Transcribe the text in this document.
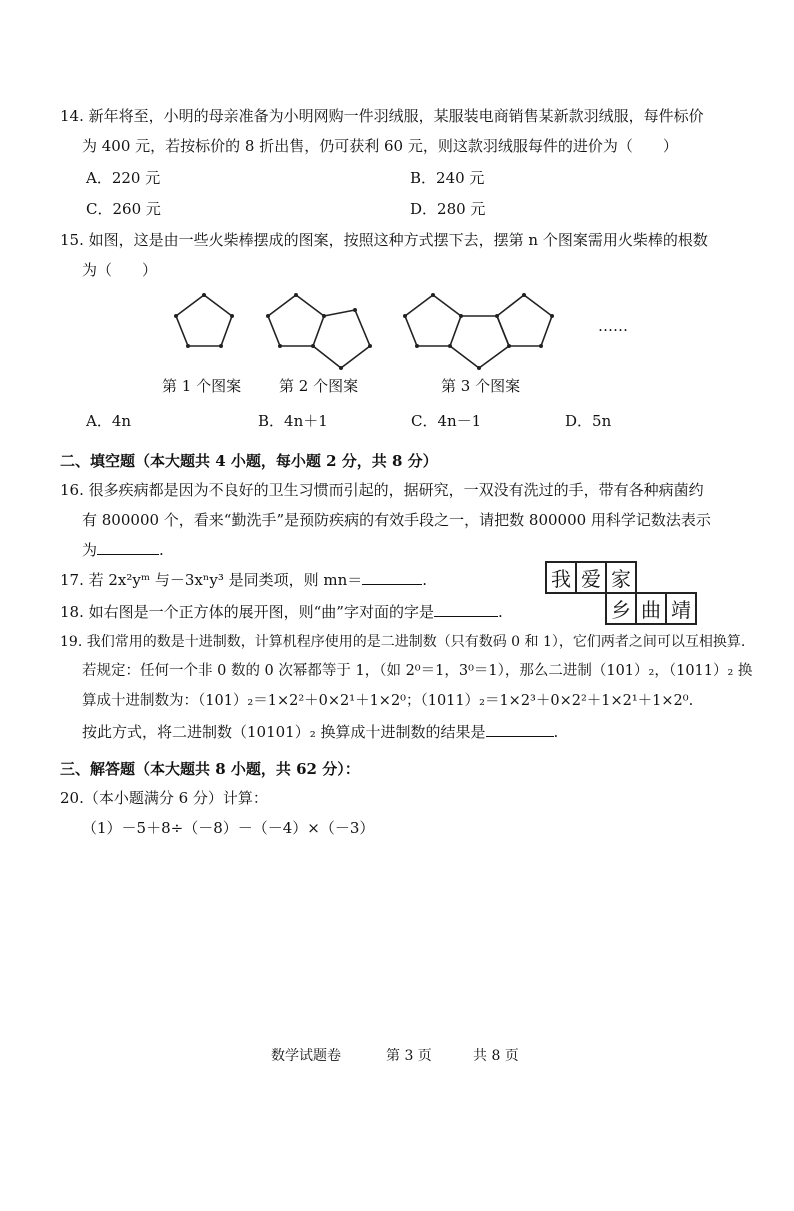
14. 新年将至，小明的母亲准备为小明网购一件羽绒服，某服装电商销售某新款羽绒服，每件标价
为 400 元，若按标价的 8 折出售，仍可获利 60 元，则这款羽绒服每件的进价为（　　）
A．220 元	B．240 元
C．260 元	D．280 元
15. 如图，这是由一些火柴棒摆成的图案，按照这种方式摆下去，摆第 n 个图案需用火柴棒的根数
为（　　）
……
第 1 个图案	第 2 个图案	第 3 个图案
A．4n	B．4n＋1	C．4n－1	D．5n
二、填空题（本大题共 4 小题，每小题 2 分，共 8 分）
16. 很多疾病都是因为不良好的卫生习惯而引起的，据研究，一双没有洗过的手，带有各种病菌约
有 800000 个，看来“勤洗手”是预防疾病的有效手段之一，请把数 800000 用科学记数法表示
为	.
17. 若 2x²yᵐ 与－3xⁿy³ 是同类项，则 mn＝	.	我	爱	家		
		乡	曲	靖
18. 如右图是一个正方体的展开图，则“曲”字对面的字是	.
19. 我们常用的数是十进制数，计算机程序使用的是二进制数（只有数码 0 和 1），它们两者之间可以互相换算.
若规定：任何一个非 0 数的 0 次幂都等于 1，（如 2⁰＝1，3⁰＝1），那么二进制（101）₂，（1011）₂ 换
算成十进制数为：（101）₂＝1×2²＋0×2¹＋1×2⁰；（1011）₂＝1×2³＋0×2²＋1×2¹＋1×2⁰.
按此方式，将二进制数（10101）₂ 换算成十进制数的结果是	.
三、解答题（本大题共 8 小题，共 62 分）：
20.（本小题满分 6 分）计算：
（1）－5＋8÷（－8）－（－4）×（－3）
数学试题卷	第 3 页	共 8 页
